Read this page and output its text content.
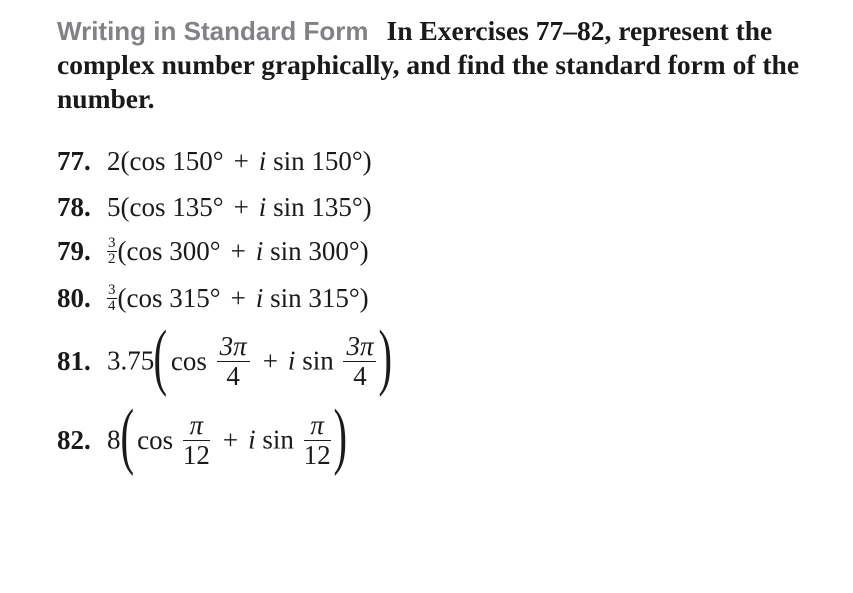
Writing in Standard Form In Exercises 77–82, represent the complex number graphically, and find the standard form of the number.
77. 2(cos 150° + i sin 150°)
78. 5(cos 135° + i sin 135°)
79. $\frac{3}{2} (\cos$ 300° + i sin 300°)
80. $\frac{3}{4} (\cos$ 315° + i sin 315°)
81. 3.75( $\cos \frac{3\pi}{4} + i$ $\sin \frac{3\pi}{4}$ )
82. 8( $\cos \frac{\pi}{12} + i$ $\sin \frac{\pi}{12}$ )
